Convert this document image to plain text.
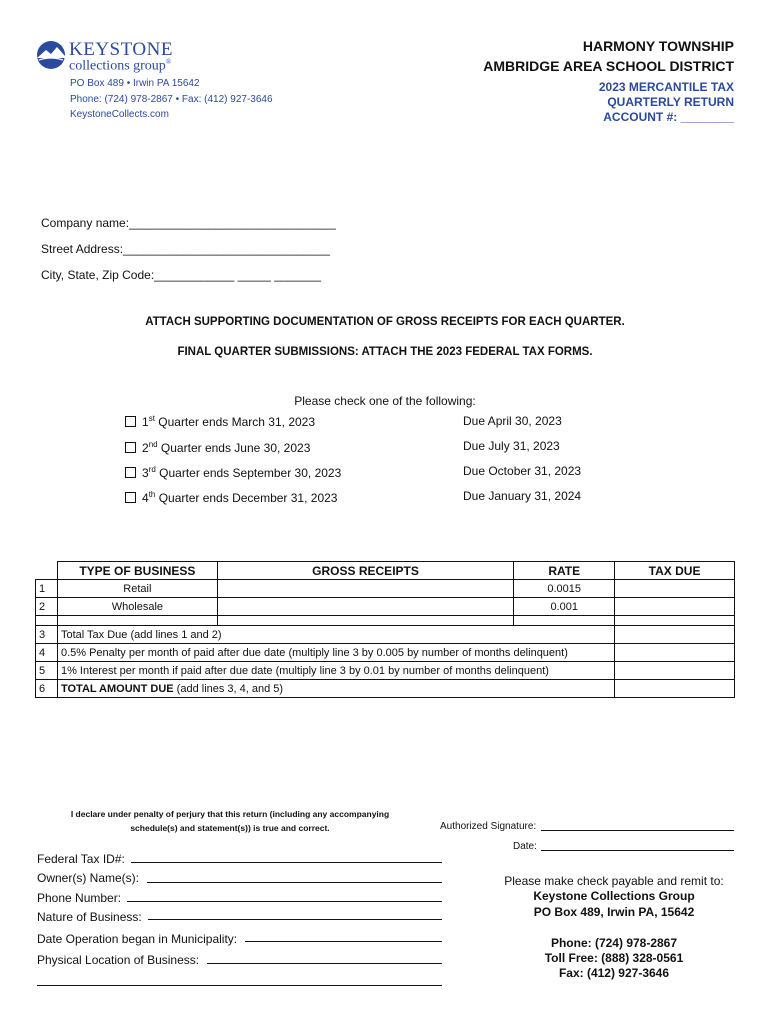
KEYSTONE
collections group®
PO Box 489 • Irwin PA 15642
Phone: (724) 978-2867 • Fax: (412) 927-3646
KeystoneCollects.com
HARMONY TOWNSHIP
AMBRIDGE AREA SCHOOL DISTRICT
2023 MERCANTILE TAX
QUARTERLY RETURN
ACCOUNT #: ________
Company name:_______________________________
Street Address:_______________________________
City, State, Zip Code:____________ _____ _______
ATTACH SUPPORTING DOCUMENTATION OF GROSS RECEIPTS FOR EACH QUARTER.
FINAL QUARTER SUBMISSIONS: ATTACH THE 2023 FEDERAL TAX FORMS.
Please check one of the following:
1st Quarter ends March 31, 2023	Due April 30, 2023
2nd Quarter ends June 30, 2023	Due July 31, 2023
3rd Quarter ends September 30, 2023	Due October 31, 2023
4th Quarter ends December 31, 2023	Due January 31, 2024
	TYPE OF BUSINESS	GROSS RECEIPTS	RATE	TAX DUE
1	Retail		0.0015	
2	Wholesale		0.001	

3	Total Tax Due (add lines 1 and 2)			
4	0.5% Penalty per month of paid after due date (multiply line 3 by 0.005 by number of months delinquent)			
5	1% Interest per month if paid after due date (multiply line 3 by 0.01 by number of months delinquent)			
6	TOTAL AMOUNT DUE (add lines 3, 4, and 5)			
I declare under penalty of perjury that this return (including any accompanying
schedule(s) and statement(s)) is true and correct.	Authorized Signature:
Date:
Federal Tax ID#:
Owner(s) Name(s):
Phone Number:
Nature of Business:
Date Operation began in Municipality:
Physical Location of Business:
Please make check payable and remit to:
Keystone Collections Group
PO Box 489, Irwin PA, 15642
Phone: (724) 978-2867
Toll Free: (888) 328-0561
Fax: (412) 927-3646
